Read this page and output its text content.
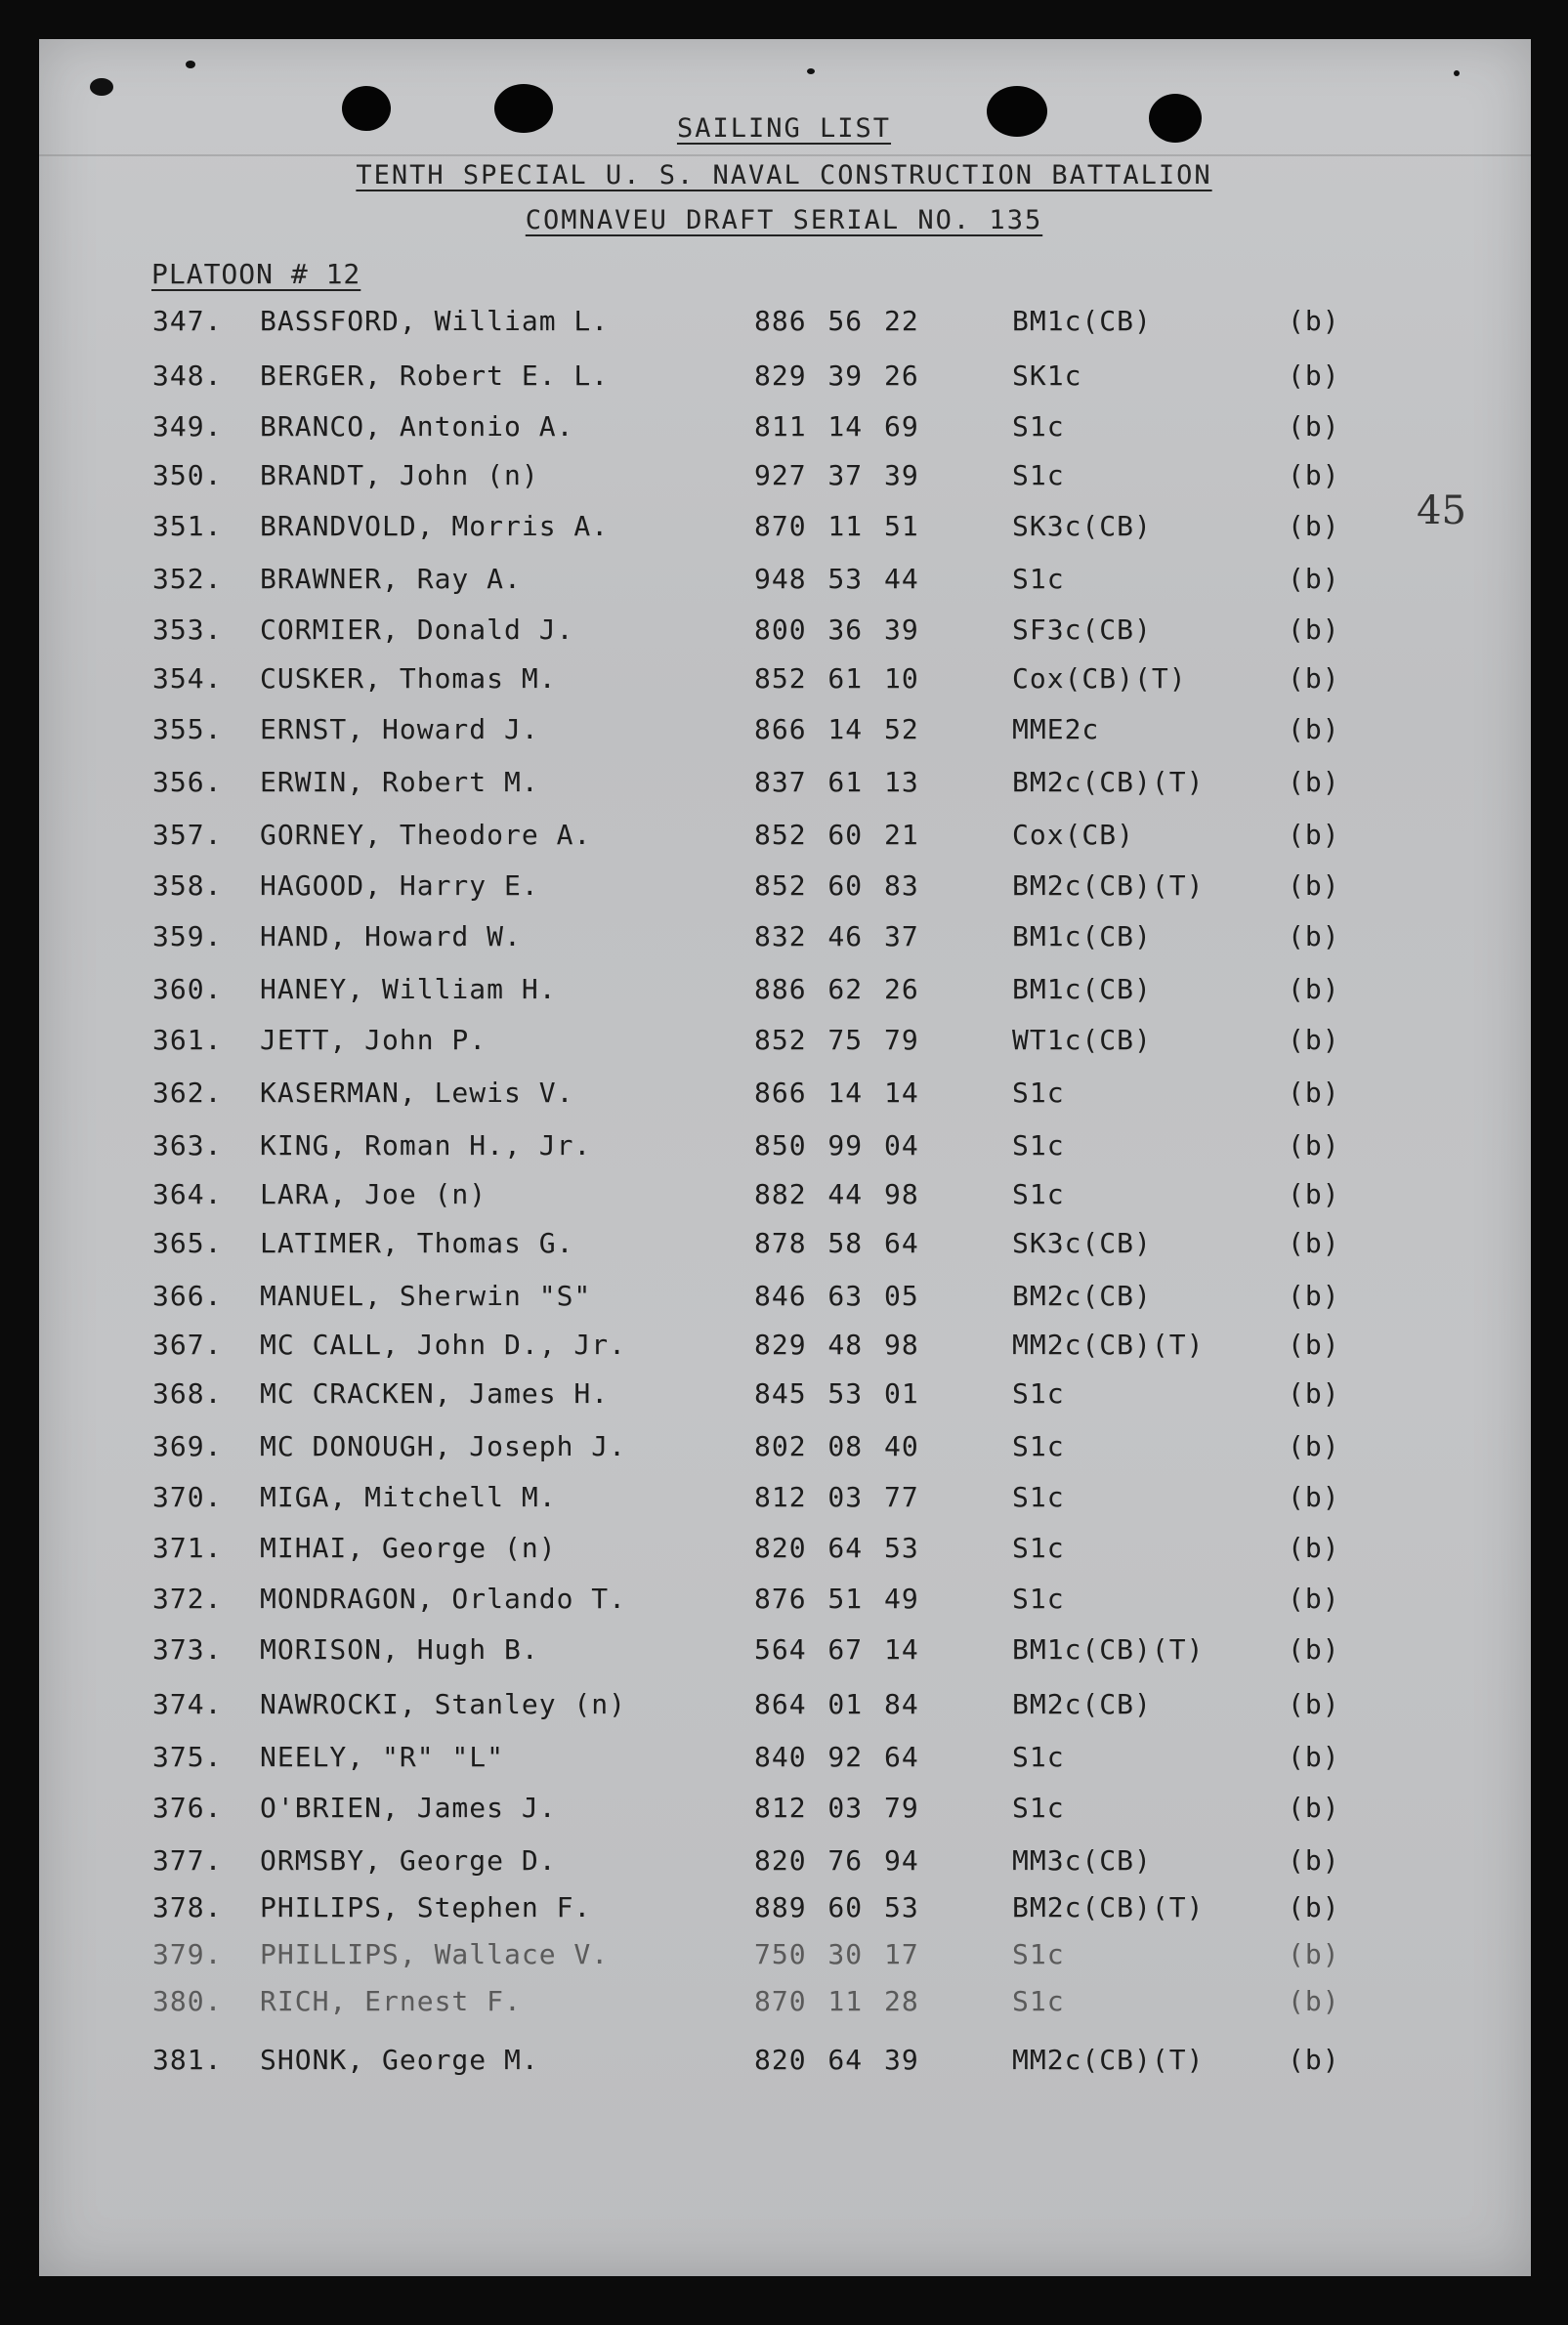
SAILING LIST
TENTH SPECIAL U. S. NAVAL CONSTRUCTION BATTALION
COMNAVEU DRAFT SERIAL NO. 135
PLATOON # 12
45
347. BASSFORD, William L.	886 56 22	BM1c(CB)	(b)
348. BERGER, Robert E. L.	829 39 26	SK1c	(b)
349. BRANCO, Antonio A.	811 14 69	S1c	(b)
350. BRANDT, John (n)	927 37 39	S1c	(b)
351. BRANDVOLD, Morris A.	870 11 51	SK3c(CB)	(b)
352. BRAWNER, Ray A.	948 53 44	S1c	(b)
353. CORMIER, Donald J.	800 36 39	SF3c(CB)	(b)
354. CUSKER, Thomas M.	852 61 10	Cox(CB)(T)	(b)
355. ERNST, Howard J.	866 14 52	MME2c	(b)
356. ERWIN, Robert M.	837 61 13	BM2c(CB)(T)	(b)
357. GORNEY, Theodore A.	852 60 21	Cox(CB)	(b)
358. HAGOOD, Harry E.	852 60 83	BM2c(CB)(T)	(b)
359. HAND, Howard W.	832 46 37	BM1c(CB)	(b)
360. HANEY, William H.	886 62 26	BM1c(CB)	(b)
361. JETT, John P.	852 75 79	WT1c(CB)	(b)
362. KASERMAN, Lewis V.	866 14 14	S1c	(b)
363. KING, Roman H., Jr.	850 99 04	S1c	(b)
364. LARA, Joe (n)	882 44 98	S1c	(b)
365. LATIMER, Thomas G.	878 58 64	SK3c(CB)	(b)
366. MANUEL, Sherwin "S"	846 63 05	BM2c(CB)	(b)
367. MC CALL, John D., Jr.	829 48 98	MM2c(CB)(T)	(b)
368. MC CRACKEN, James H.	845 53 01	S1c	(b)
369. MC DONOUGH, Joseph J.	802 08 40	S1c	(b)
370. MIGA, Mitchell M.	812 03 77	S1c	(b)
371. MIHAI, George (n)	820 64 53	S1c	(b)
372. MONDRAGON, Orlando T.	876 51 49	S1c	(b)
373. MORISON, Hugh B.	564 67 14	BM1c(CB)(T)	(b)
374. NAWROCKI, Stanley (n)	864 01 84	BM2c(CB)	(b)
375. NEELY, "R" "L"	840 92 64	S1c	(b)
376. O'BRIEN, James J.	812 03 79	S1c	(b)
377. ORMSBY, George D.	820 76 94	MM3c(CB)	(b)
378. PHILIPS, Stephen F.	889 60 53	BM2c(CB)(T)	(b)
379. PHILLIPS, Wallace V.	750 30 17	S1c	(b)
380. RICH, Ernest F.	870 11 28	S1c	(b)
381. SHONK, George M.	820 64 39	MM2c(CB)(T)	(b)
